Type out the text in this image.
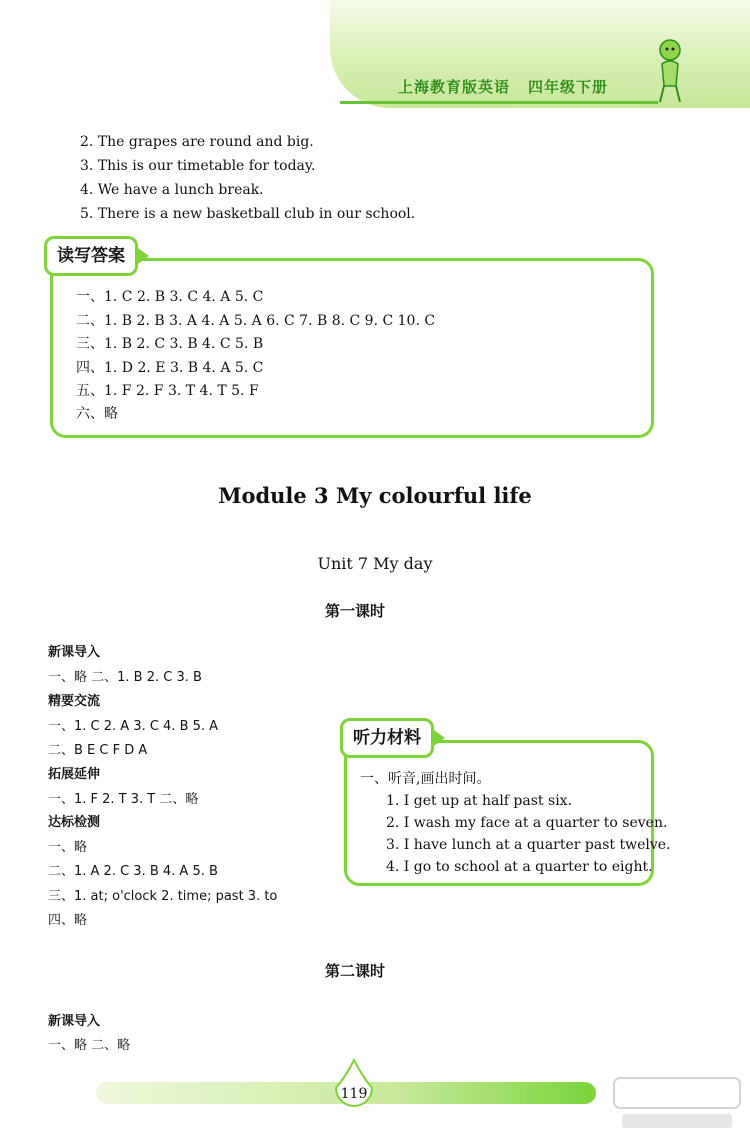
上海教育版英语 四年级下册
2. The grapes are round and big.
3. This is our timetable for today.
4. We have a lunch break.
5. There is a new basketball club in our school.
读写答案
一、1. C 2. B 3. C 4. A 5. C
二、1. B 2. B 3. A 4. A 5. A 6. C 7. B 8. C 9. C 10. C
三、1. B 2. C 3. B 4. C 5. B
四、1. D 2. E 3. B 4. A 5. C
五、1. F 2. F 3. T 4. T 5. F
六、略
Module 3 My colourful life
Unit 7 My day
第一课时
新课导入
一、略 二、1. B 2. C 3. B
精要交流
一、1. C 2. A 3. C 4. B 5. A
二、B E C F D A
拓展延伸
一、1. F 2. T 3. T 二、略
达标检测
一、略
二、1. A 2. C 3. B 4. A 5. B
三、1. at; o'clock 2. time; past 3. to
四、略
听力材料
一、听音,画出时间。
1. I get up at half past six.
2. I wash my face at a quarter to seven.
3. I have lunch at a quarter past twelve.
4. I go to school at a quarter to eight.
第二课时
新课导入
一、略 二、略
119
